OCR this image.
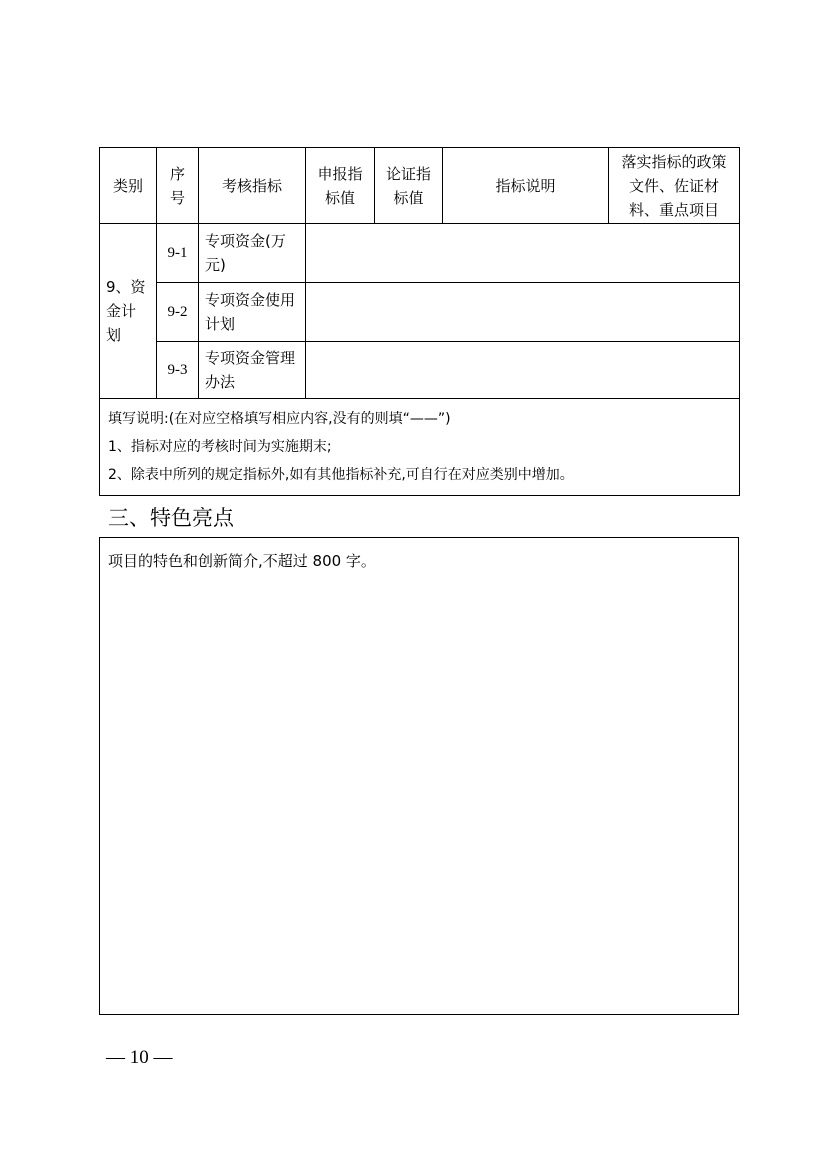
类别	序号	考核指标	申报指标值	论证指标值	指标说明	落实指标的政策文件、佐证材料、重点项目
9、资金计划	9-1	专项资金(万元)				
	9-2	专项资金使用计划				
	9-3	专项资金管理办法				

填写说明:(在对应空格填写相应内容,没有的则填“——”)
1、指标对应的考核时间为实施期末;
2、除表中所列的规定指标外,如有其他指标补充,可自行在对应类别中增加。						
三、特色亮点
项目的特色和创新简介,不超过 800 字。
— 10 —
